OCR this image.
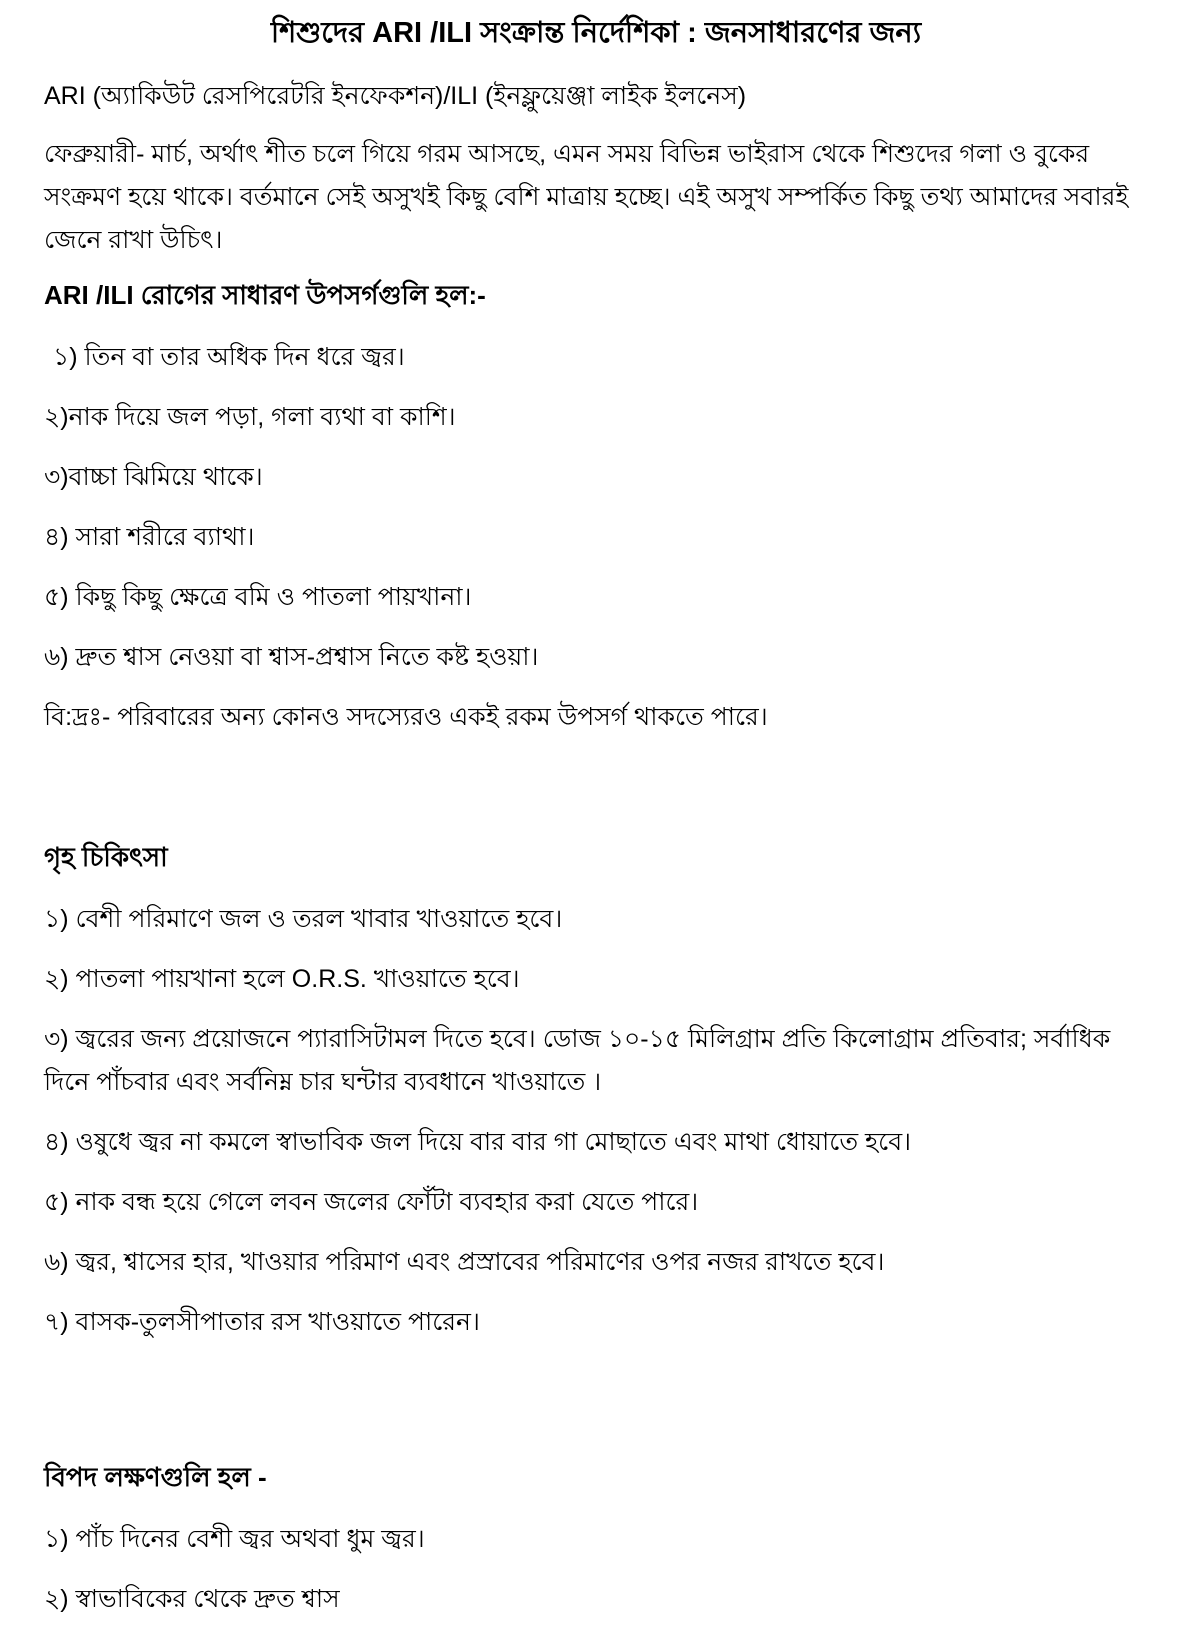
শিশুদের ARI /ILI সংক্রান্ত নির্দেশিকা : জনসাধারণের জন্য

ARI (অ্যাকিউট রেসপিরেটরি ইনফেকশন)/ILI (ইনফ্লুয়েঞ্জা লাইক ইলনেস)

ফেব্রুয়ারী- মার্চ, অর্থাৎ শীত চলে গিয়ে গরম আসছে, এমন সময় বিভিন্ন ভাইরাস থেকে শিশুদের গলা ও বুকের সংক্রমণ হয়ে থাকে। বর্তমানে সেই অসুখই কিছু বেশি মাত্রায় হচ্ছে। এই অসুখ সম্পর্কিত কিছু তথ্য আমাদের সবারই জেনে রাখা উচিৎ।

ARI /ILI রোগের সাধারণ উপসর্গগুলি হল:-

১) তিন বা তার অধিক দিন ধরে জ্বর।

২)নাক দিয়ে জল পড়া, গলা ব্যথা বা কাশি।

৩)বাচ্চা ঝিমিয়ে থাকে।

৪) সারা শরীরে ব্যাথা।

৫) কিছু কিছু ক্ষেত্রে বমি ও পাতলা পায়খানা।

৬) দ্রুত শ্বাস নেওয়া বা শ্বাস-প্রশ্বাস নিতে কষ্ট হওয়া।

বি:দ্রঃ- পরিবারের অন্য কোনও সদস্যেরও একই রকম উপসর্গ থাকতে পারে।

গৃহ চিকিৎসা

১) বেশী পরিমাণে জল ও তরল খাবার খাওয়াতে হবে।

২) পাতলা পায়খানা হলে O.R.S. খাওয়াতে হবে।

৩) জ্বরের জন্য প্রয়োজনে প্যারাসিটামল দিতে হবে। ডোজ ১০-১৫ মিলিগ্রাম প্রতি কিলোগ্রাম প্রতিবার; সর্বাধিক দিনে পাঁচবার এবং সর্বনিম্ন চার ঘন্টার ব্যবধানে খাওয়াতে ।

৪) ওষুধে জ্বর না কমলে স্বাভাবিক জল দিয়ে বার বার গা মোছাতে এবং মাথা ধোয়াতে হবে।

৫) নাক বন্ধ হয়ে গেলে লবন জলের ফোঁটা ব্যবহার করা যেতে পারে।

৬) জ্বর, শ্বাসের হার, খাওয়ার পরিমাণ এবং প্রস্রাবের পরিমাণের ওপর নজর রাখতে হবে।

৭) বাসক-তুলসীপাতার রস খাওয়াতে পারেন।

বিপদ লক্ষণগুলি হল -

১) পাঁচ দিনের বেশী জ্বর অথবা ধুম জ্বর।

২) স্বাভাবিকের থেকে দ্রুত শ্বাস
